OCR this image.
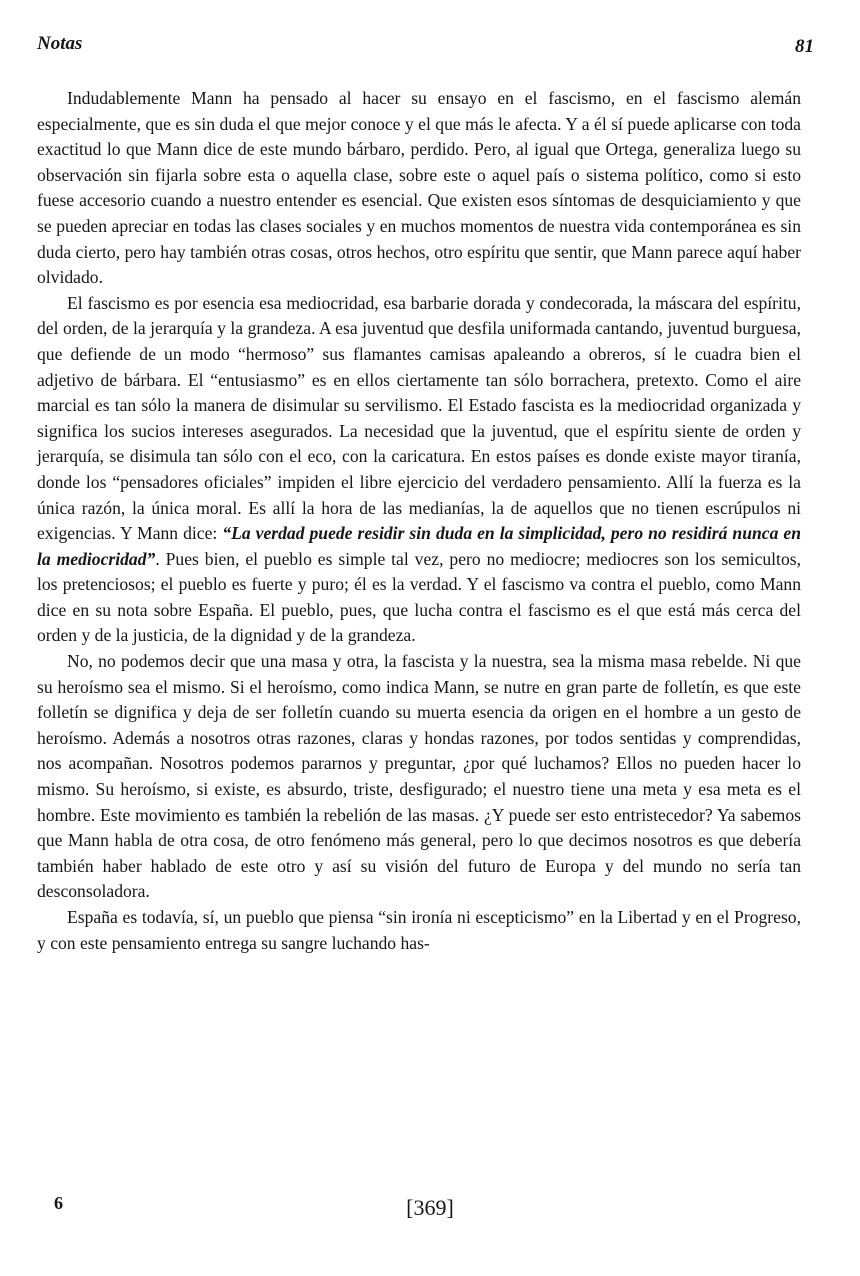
Notas	81

Indudablemente Mann ha pensado al hacer su ensayo en el fascismo, en el fascismo alemán especialmente, que es sin duda el que mejor conoce y el que más le afecta. Y a él sí puede aplicarse con toda exactitud lo que Mann dice de este mundo bárbaro, perdido. Pero, al igual que Ortega, generaliza luego su observación sin fijarla sobre esta o aquella clase, sobre este o aquel país o sistema político, como si esto fuese accesorio cuando a nuestro entender es esencial. Que existen esos síntomas de desquiciamiento y que se pueden apreciar en todas las clases sociales y en muchos momentos de nuestra vida contemporánea es sin duda cierto, pero hay también otras cosas, otros hechos, otro espíritu que sentir, que Mann parece aquí haber olvidado.

El fascismo es por esencia esa mediocridad, esa barbarie dorada y condecorada, la máscara del espíritu, del orden, de la jerarquía y la grandeza. A esa juventud que desfila uniformada cantando, juventud burguesa, que defiende de un modo “hermoso” sus flamantes camisas apaleando a obreros, sí le cuadra bien el adjetivo de bárbara. El “entusiasmo” es en ellos ciertamente tan sólo borrachera, pretexto. Como el aire marcial es tan sólo la manera de disimular su servilismo. El Estado fascista es la mediocridad organizada y significa los sucios intereses asegurados. La necesidad que la juventud, que el espíritu siente de orden y jerarquía, se disimula tan sólo con el eco, con la caricatura. En estos países es donde existe mayor tiranía, donde los “pensadores oficiales” impiden el libre ejercicio del verdadero pensamiento. Allí la fuerza es la única razón, la única moral. Es allí la hora de las medianías, la de aquellos que no tienen escrúpulos ni exigencias. Y Mann dice: “La verdad puede residir sin duda en la simplicidad, pero no residirá nunca en la mediocridad”. Pues bien, el pueblo es simple tal vez, pero no mediocre; mediocres son los semicultos, los pretenciosos; el pueblo es fuerte y puro; él es la verdad. Y el fascismo va contra el pueblo, como Mann dice en su nota sobre España. El pueblo, pues, que lucha contra el fascismo es el que está más cerca del orden y de la justicia, de la dignidad y de la grandeza.

No, no podemos decir que una masa y otra, la fascista y la nuestra, sea la misma masa rebelde. Ni que su heroísmo sea el mismo. Si el heroísmo, como indica Mann, se nutre en gran parte de folletín, es que este folletín se dignifica y deja de ser folletín cuando su muerta esencia da origen en el hombre a un gesto de heroísmo. Además a nosotros otras razones, claras y hondas razones, por todos sentidas y comprendidas, nos acompañan. Nosotros podemos pararnos y preguntar, ¿por qué luchamos? Ellos no pueden hacer lo mismo. Su heroísmo, si existe, es absurdo, triste, desfigurado; el nuestro tiene una meta y esa meta es el hombre. Este movimiento es también la rebelión de las masas. ¿Y puede ser esto entristecedor? Ya sabemos que Mann habla de otra cosa, de otro fenómeno más general, pero lo que decimos nosotros es que debería también haber hablado de este otro y así su visión del futuro de Europa y del mundo no sería tan desconsoladora.

España es todavía, sí, un pueblo que piensa “sin ironía ni escepticismo” en la Libertad y en el Progreso, y con este pensamiento entrega su sangre luchando has-

6	[369]
